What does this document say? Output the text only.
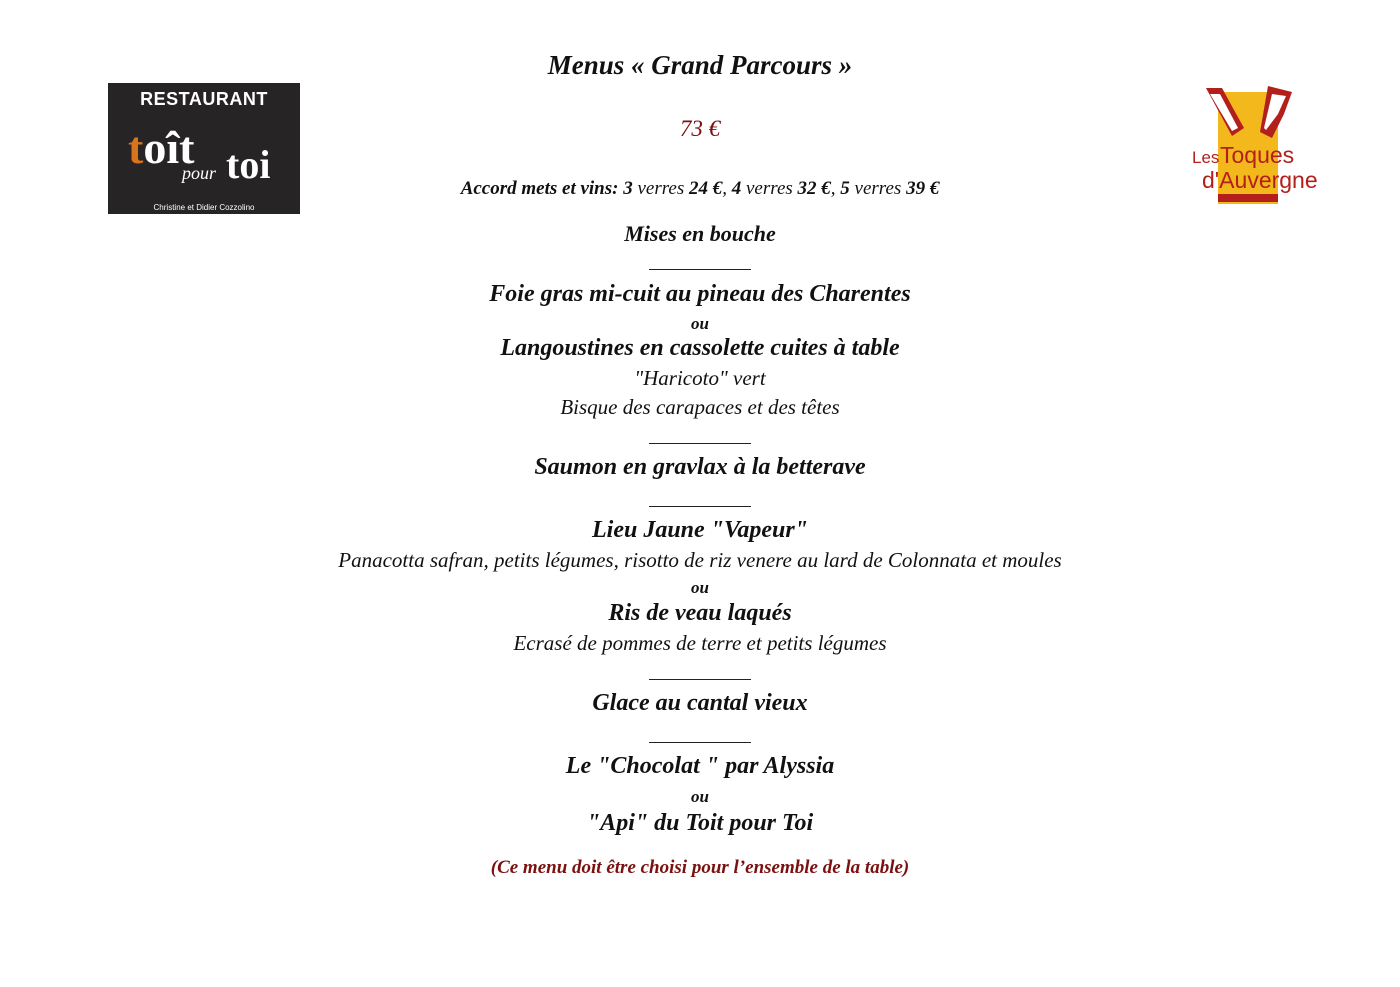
RESTAURANT
toît toi
pour
Christine et Didier Cozzolino
Les Toques
d'Auvergne
Menus « Grand Parcours »
73 €
Accord mets et vins: 3 verres 24 €, 4 verres 32 €, 5 verres 39 €
Mises en bouche
Foie gras mi-cuit au pineau des Charentes
ou
Langoustines en cassolette cuites à table
"Haricoto" vert
Bisque des carapaces et des têtes
Saumon en gravlax à la betterave
Lieu Jaune "Vapeur"
Panacotta safran, petits légumes, risotto de riz venere au lard de Colonnata et moules
ou
Ris de veau laqués
Ecrasé de pommes de terre et petits légumes
Glace au cantal vieux
Le "Chocolat " par Alyssia
ou
"Api" du Toit pour Toi
(Ce menu doit être choisi pour l’ensemble de la table)
